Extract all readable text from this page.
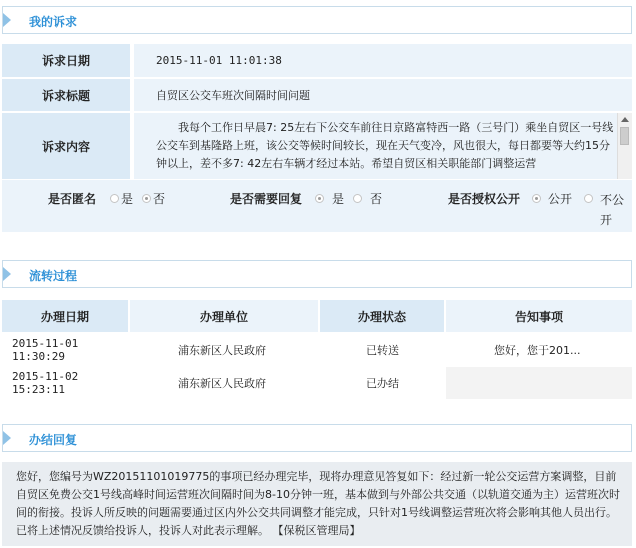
我的诉求
诉求日期	2015-11-01 11:01:38
诉求标题	自贸区公交车班次间隔时间问题
诉求内容
我每个工作日早晨7: 25左右下公交车前往日京路富特西一路（三号门）乘坐自贸区一号线公交车到基隆路上班，该公交等候时间较长，现在天气变冷，风也很大，每日都要等大约15分钟以上，差不多7: 42左右车辆才经过本站。希望自贸区相关职能部门调整运营
是否匿名 是 否	是否需要回复 是 否	是否授权公开 公开 不公开
流转过程
办理日期	办理单位	办理状态	告知事项
2015-11-01 11:30:29	浦东新区人民政府	已转送	您好，您于201...
2015-11-02 15:23:11	浦东新区人民政府	已办结
办结回复
您好，您编号为WZ20151101019775的事项已经办理完毕，现将办理意见答复如下：经过新一轮公交运营方案调整，目前自贸区免费公交1号线高峰时间运营班次间隔时间为8-10分钟一班，基本做到与外部公共交通（以轨道交通为主）运营班次时间的衔接。投诉人所反映的问题需要通过区内外公交共同调整才能完成，只针对1号线调整运营班次将会影响其他人员出行。已将上述情况反馈给投诉人，投诉人对此表示理解。 【保税区管理局】
